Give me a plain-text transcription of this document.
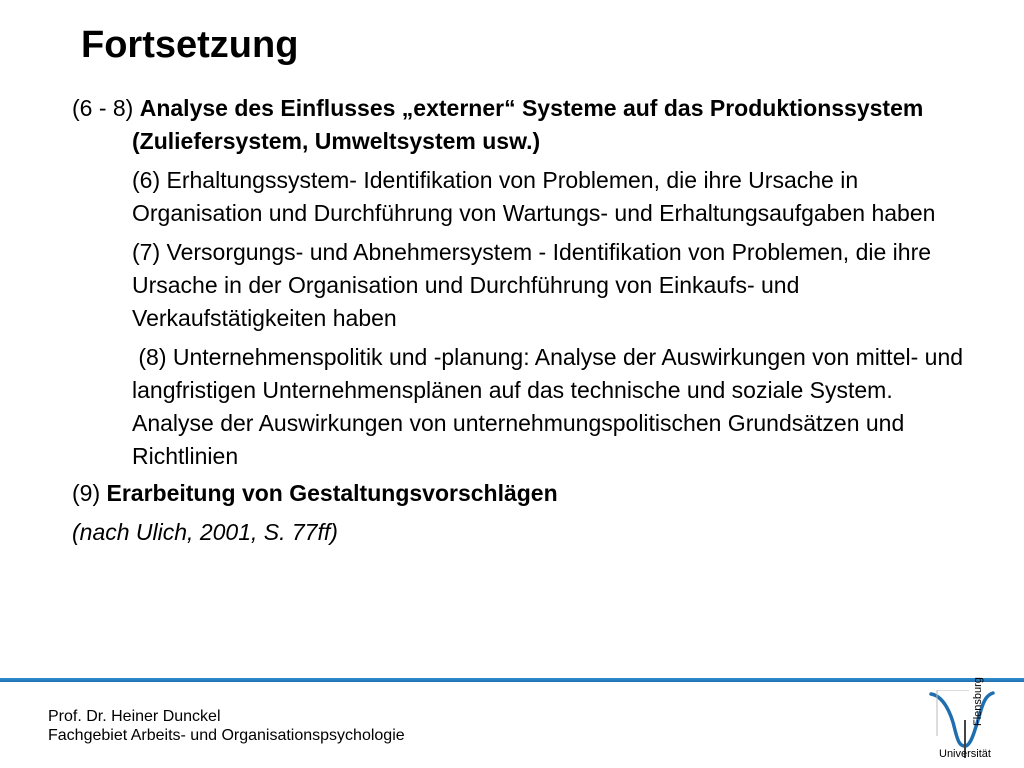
Fortsetzung

(6 - 8) Analyse des Einflusses „externer“ Systeme auf das Produktionssystem (Zuliefersystem, Umweltsystem usw.)

(6) Erhaltungssystem- Identifikation von Problemen, die ihre Ursache in Organisation und Durchführung von Wartungs- und Erhaltungsaufgaben haben

(7) Versorgungs- und Abnehmersystem - Identifikation von Problemen, die ihre Ursache in der Organisation und Durchführung von Einkaufs- und Verkaufstätigkeiten haben

(8) Unternehmenspolitik und -planung: Analyse der Auswirkungen von mittel- und langfristigen Unternehmensplänen auf das technische und soziale System. Analyse der Auswirkungen von unternehmungspolitischen Grundsätzen und Richtlinien

(9) Erarbeitung von Gestaltungsvorschlägen

(nach Ulich, 2001, S. 77ff)

Prof. Dr. Heiner Dunckel
Fachgebiet Arbeits- und Organisationspsychologie
Flensburg
Universität
